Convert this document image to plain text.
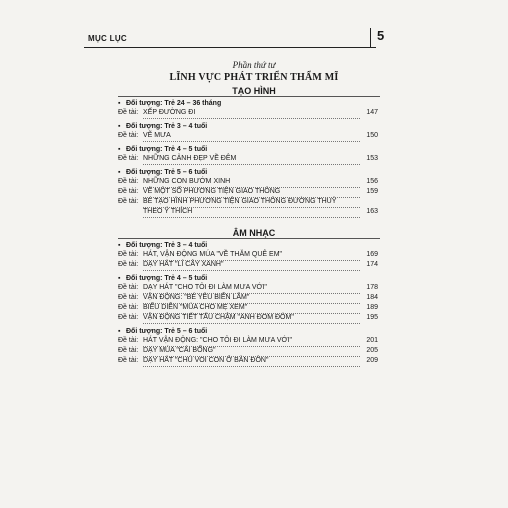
MỤC LỤC	5
Phần thứ tư
LĨNH VỰC PHÁT TRIỂN THẨM MĨ
TẠO HÌNH
▪ Đối tượng: Trẻ 24 – 36 tháng
Đề tài: XẾP ĐƯỜNG ĐI	147
▪ Đối tượng: Trẻ 3 – 4 tuổi
Đề tài: VẼ MƯA	150
▪ Đối tượng: Trẻ 4 – 5 tuổi
Đề tài: NHỮNG CẢNH ĐẸP VỀ ĐÊM	153
▪ Đối tượng: Trẻ 5 – 6 tuổi
Đề tài: NHỮNG CON BƯỚM XINH	156
Đề tài: VẼ MỘT SỐ PHƯƠNG TIỆN GIAO THÔNG	159
Đề tài: BÉ TẠO HÌNH PHƯƠNG TIỆN GIAO THÔNG ĐƯỜNG THUỶ
THEO Ý THÍCH	163
ÂM NHẠC
▪ Đối tượng: Trẻ 3 – 4 tuổi
Đề tài: HÁT, VẬN ĐỘNG MÚA "VỀ THĂM QUÊ EM"	169
Đề tài: DẠY HÁT "LÍ CÂY XANH"	174
▪ Đối tượng: Trẻ 4 – 5 tuổi
Đề tài: DẠY HÁT "CHO TÔI ĐI LÀM MƯA VỚI"	178
Đề tài: VẬN ĐỘNG: "BÉ YÊU BIỂN LẮM"	184
Đề tài: BIỂU DIỄN "MÚA CHO MẸ XEM"	189
Đề tài: VẬN ĐỘNG TIẾT TẤU CHẬM "ANH ĐOM ĐÓM"	195
▪ Đối tượng: Trẻ 5 – 6 tuổi
Đề tài: HÁT VẬN ĐỘNG: "CHO TÔI ĐI LÀM MƯA VỚI"	201
Đề tài: DẠY MÚA "CÁI BỐNG"	205
Đề tài: DẠY HÁT "CHÚ VOI CON Ở BẢN ĐÔN"	209
